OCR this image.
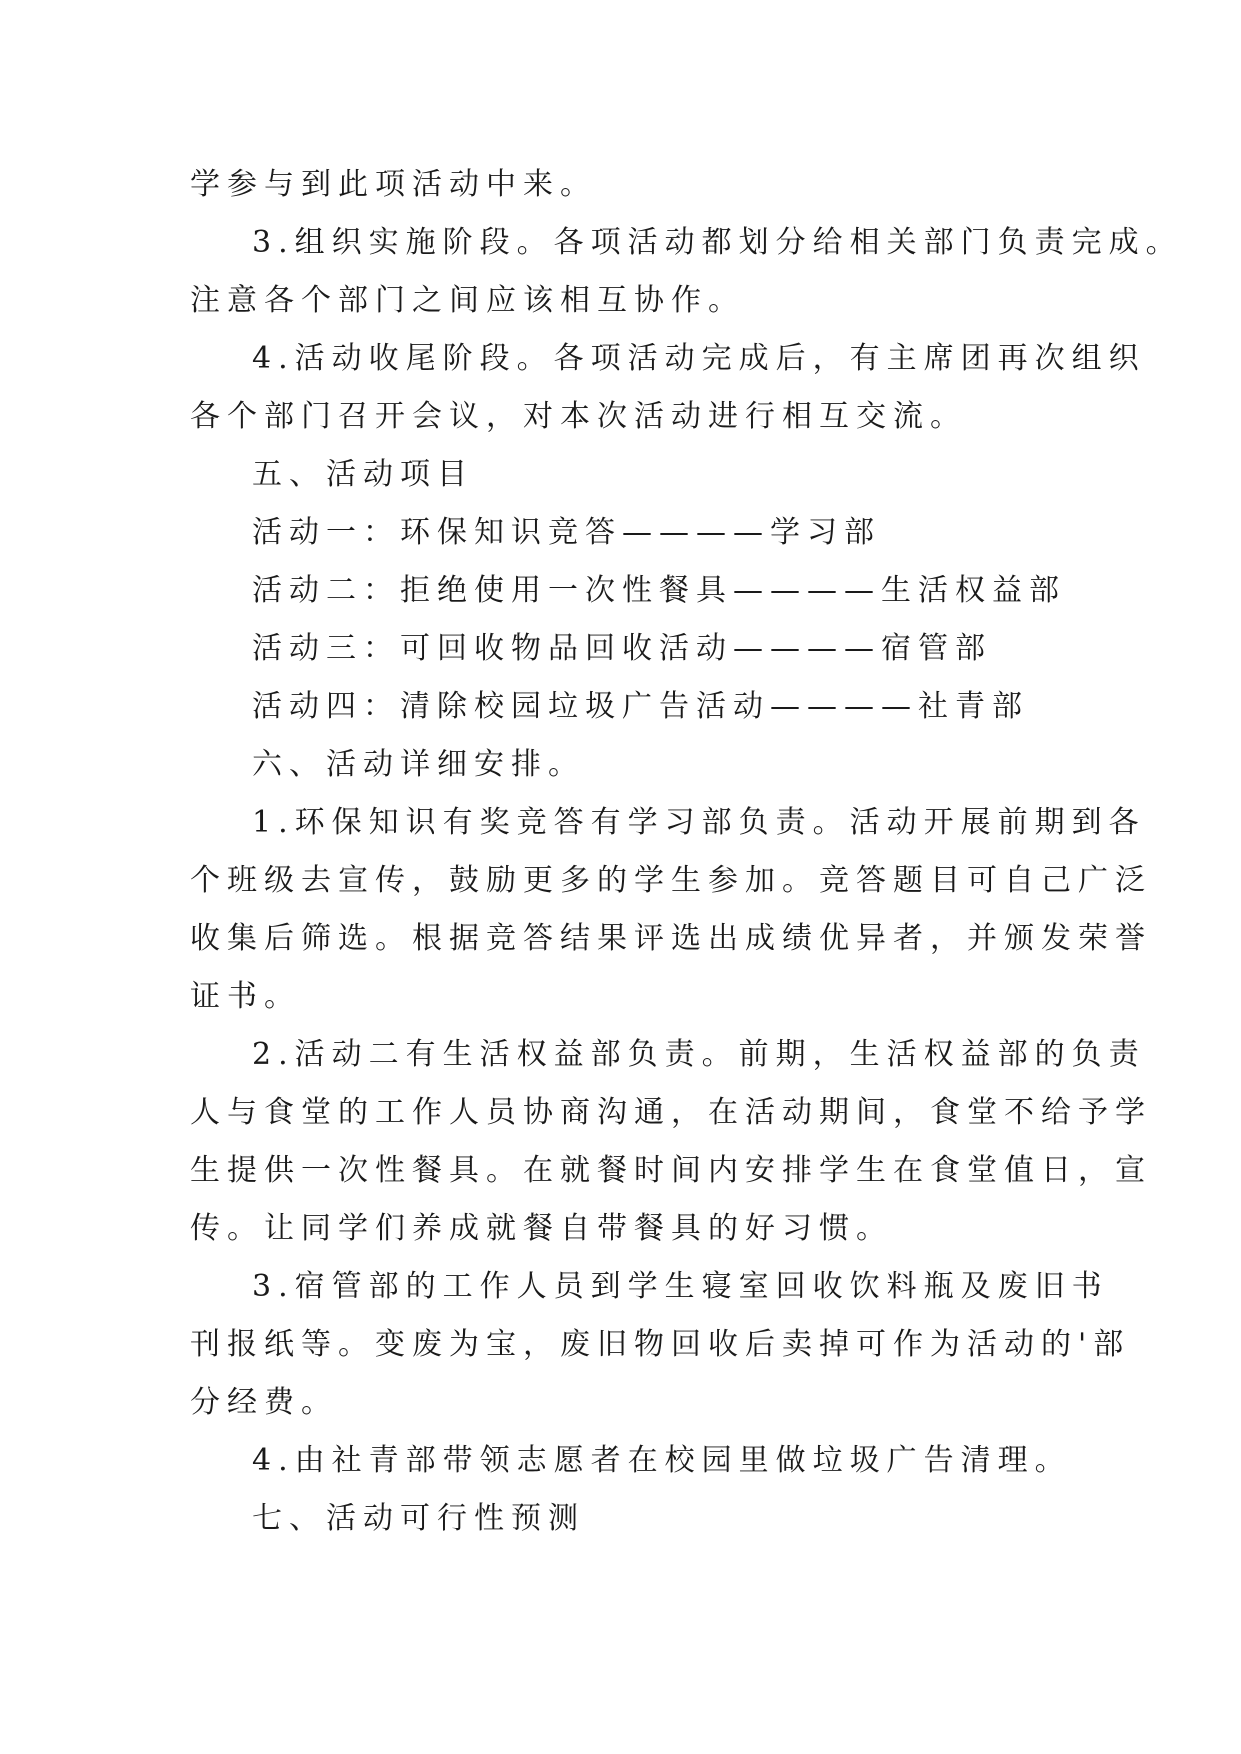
学参与到此项活动中来。
3.组织实施阶段。各项活动都划分给相关部门负责完成。
注意各个部门之间应该相互协作。
4.活动收尾阶段。各项活动完成后，有主席团再次组织
各个部门召开会议，对本次活动进行相互交流。
五、活动项目
活动一：环保知识竞答————学习部
活动二：拒绝使用一次性餐具————生活权益部
活动三：可回收物品回收活动————宿管部
活动四：清除校园垃圾广告活动————社青部
六、活动详细安排。
1.环保知识有奖竞答有学习部负责。活动开展前期到各
个班级去宣传，鼓励更多的学生参加。竞答题目可自己广泛
收集后筛选。根据竞答结果评选出成绩优异者，并颁发荣誉
证书。
2.活动二有生活权益部负责。前期，生活权益部的负责
人与食堂的工作人员协商沟通，在活动期间，食堂不给予学
生提供一次性餐具。在就餐时间内安排学生在食堂值日，宣
传。让同学们养成就餐自带餐具的好习惯。
3.宿管部的工作人员到学生寝室回收饮料瓶及废旧书
刊报纸等。变废为宝，废旧物回收后卖掉可作为活动的'部
分经费。
4.由社青部带领志愿者在校园里做垃圾广告清理。
七、活动可行性预测
